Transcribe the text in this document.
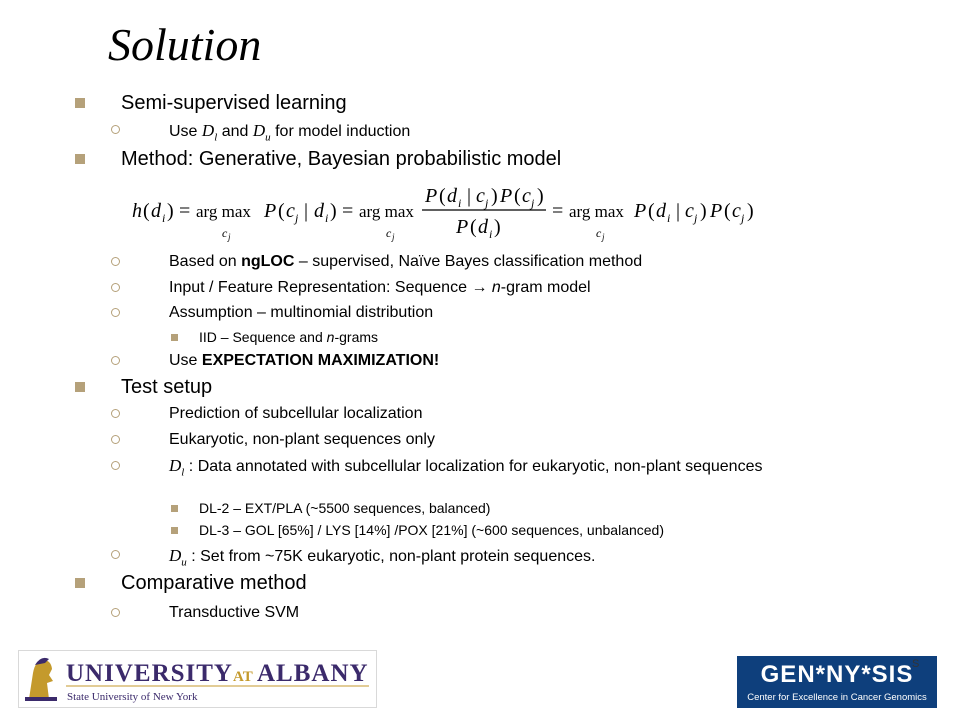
Solution
Semi-supervised learning
Use $D_l$ and $D_u$ for model induction
Method: Generative, Bayesian probabilistic model
h ( d i ) = arg max
c j
P ( c j | d i ) = arg max
c j
P ( d i | c j ) P ( c j )
P ( d i )
= arg max
c j
P ( d i | c j ) P ( c j )
Based on ngLOC – supervised, Naïve Bayes classification method
Input / Feature Representation: Sequence → n-gram model
Assumption – multinomial distribution
IID – Sequence and n-grams
Use EXPECTATION MAXIMIZATION!
Test setup
Prediction of subcellular localization
Eukaryotic, non-plant sequences only
$D_l$ : Data annotated with subcellular localization for eukaryotic, non-plant sequences
DL-2 – EXT/PLA (~5500 sequences, balanced)
DL-3 – GOL [65%] / LYS [14%] /POX [21%] (~600 sequences, unbalanced)
$D_u$ : Set from ~75K eukaryotic, non-plant protein sequences.
Comparative method
Transductive SVM
UNIVERSITY AT ALBANY
State University of New York
GEN*NY*SIS
Center for Excellence in Cancer Genomics
S
